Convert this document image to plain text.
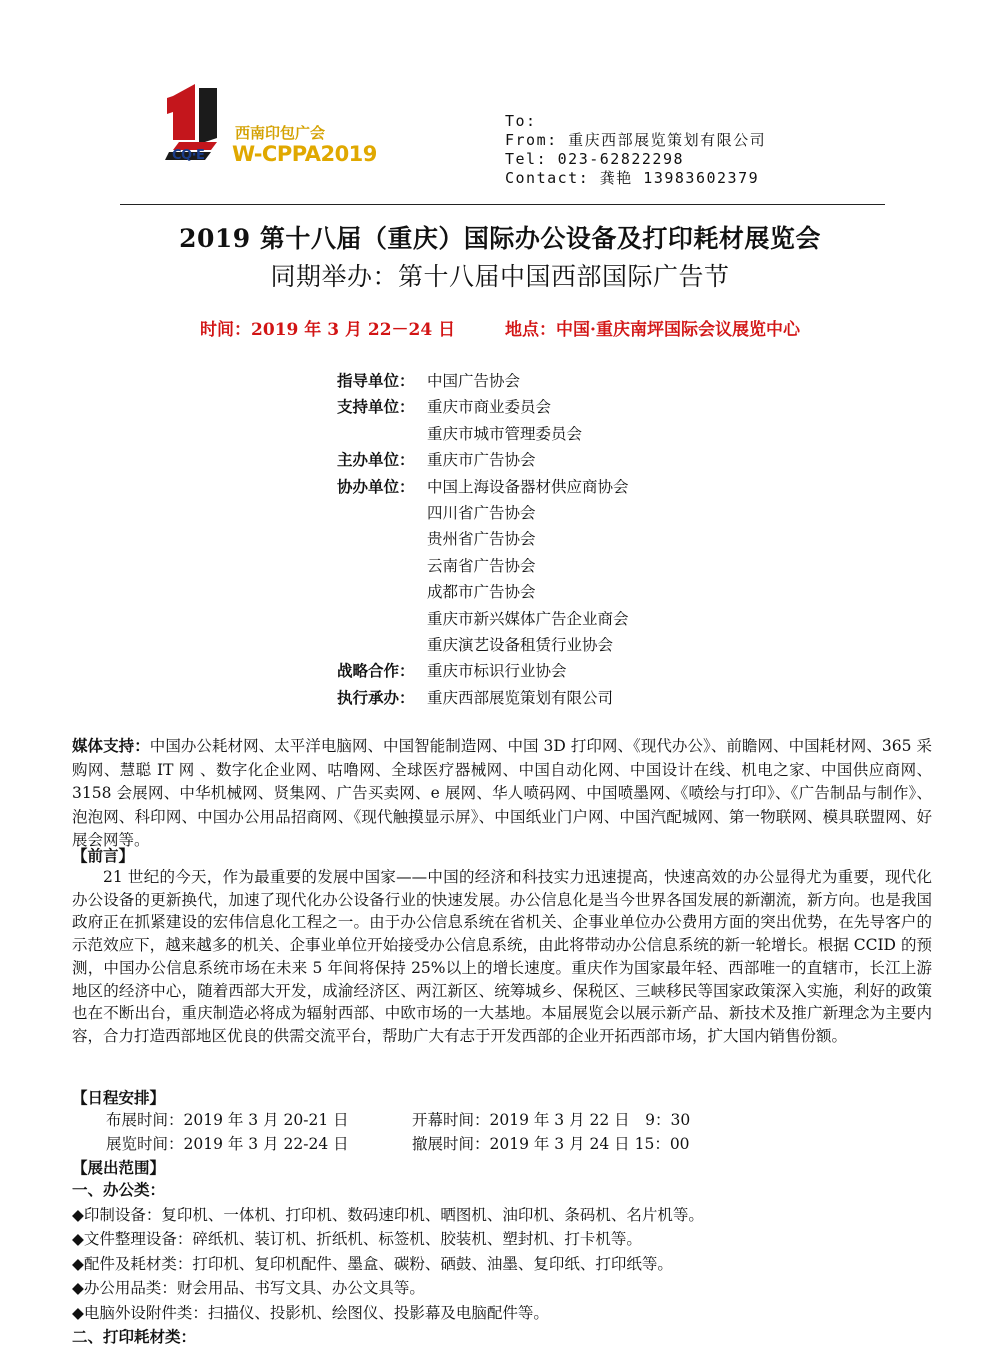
西南印包广会
W-CPPA2019
CQ·E
To:
From: 重庆西部展览策划有限公司
Tel: 023-62822298
Contact: 龚艳 13983602379
2019 第十八届（重庆）国际办公设备及打印耗材展览会
同期举办：第十八届中国西部国际广告节
时间：2019 年 3 月 22－24 日	地点：中国·重庆南坪国际会议展览中心
指导单位： 中国广告协会
支持单位： 重庆市商业委员会
重庆市城市管理委员会
主办单位： 重庆市广告协会
协办单位： 中国上海设备器材供应商协会
四川省广告协会
贵州省广告协会
云南省广告协会
成都市广告协会
重庆市新兴媒体广告企业商会
重庆演艺设备租赁行业协会
战略合作： 重庆市标识行业协会
执行承办： 重庆西部展览策划有限公司
媒体支持：中国办公耗材网、太平洋电脑网、中国智能制造网、中国 3D 打印网、《现代办公》、前瞻网、中国耗材网、365 采购网、慧聪 IT 网 、数字化企业网、咕噜网、全球医疗器械网、中国自动化网、中国设计在线、机电之家、中国供应商网、3158 会展网、中华机械网、贤集网、广告买卖网、e 展网、华人喷码网、中国喷墨网、《喷绘与打印》、《广告制品与制作》、泡泡网、科印网、中国办公用品招商网、《现代触摸显示屏》、中国纸业门户网、中国汽配城网、第一物联网、模具联盟网、好展会网等。
【前言】
21 世纪的今天，作为最重要的发展中国家——中国的经济和科技实力迅速提高，快速高效的办公显得尤为重要，现代化办公设备的更新换代，加速了现代化办公设备行业的快速发展。办公信息化是当今世界各国发展的新潮流，新方向。也是我国政府正在抓紧建设的宏伟信息化工程之一。由于办公信息系统在省机关、企事业单位办公费用方面的突出优势，在先导客户的示范效应下，越来越多的机关、企事业单位开始接受办公信息系统，由此将带动办公信息系统的新一轮增长。根据 CCID 的预测，中国办公信息系统市场在未来 5 年间将保持 25%以上的增长速度。重庆作为国家最年轻、西部唯一的直辖市，长江上游地区的经济中心，随着西部大开发，成渝经济区、两江新区、统筹城乡、保税区、三峡移民等国家政策深入实施，利好的政策也在不断出台，重庆制造必将成为辐射西部、中欧市场的一大基地。本届展览会以展示新产品、新技术及推广新理念为主要内容，合力打造西部地区优良的供需交流平台，帮助广大有志于开发西部的企业开拓西部市场，扩大国内销售份额。
【日程安排】
布展时间：2019 年 3 月 20-21 日	开幕时间：2019 年 3 月 22 日　9：30
展览时间：2019 年 3 月 22-24 日	撤展时间：2019 年 3 月 24 日 15：00
【展出范围】
一、办公类：
◆印制设备：复印机、一体机、打印机、数码速印机、晒图机、油印机、条码机、名片机等。
◆文件整理设备：碎纸机、装订机、折纸机、标签机、胶装机、塑封机、打卡机等。
◆配件及耗材类：打印机、复印机配件、墨盒、碳粉、硒鼓、油墨、复印纸、打印纸等。
◆办公用品类：财会用品、书写文具、办公文具等。
◆电脑外设附件类：扫描仪、投影机、绘图仪、投影幕及电脑配件等。
二、打印耗材类：
